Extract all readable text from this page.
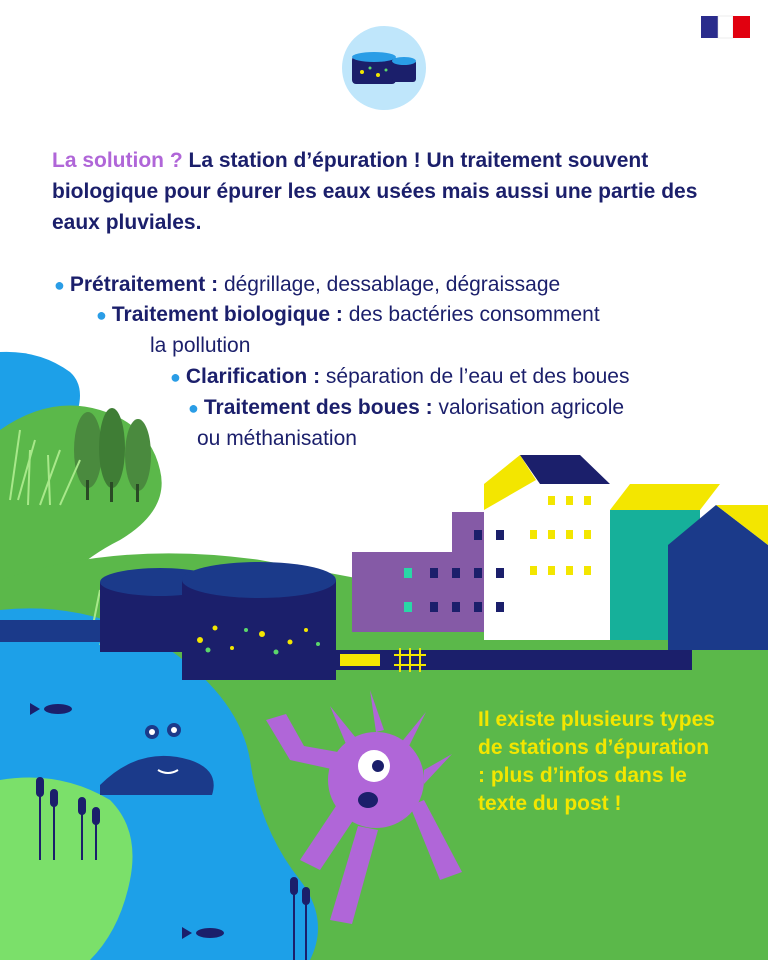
La solution ? La station d’épuration ! Un traitement souvent biologique pour épurer les eaux usées mais aussi une partie des eaux pluviales.
● Prétraitement : dégrillage, dessablage, dégraissage
● Traitement biologique : des bactéries consomment
la pollution
● Clarification : séparation de l’eau et des boues
● Traitement des boues : valorisation agricole
ou méthanisation
Il existe plusieurs types de stations d’épuration : plus d’infos dans le texte du post !
